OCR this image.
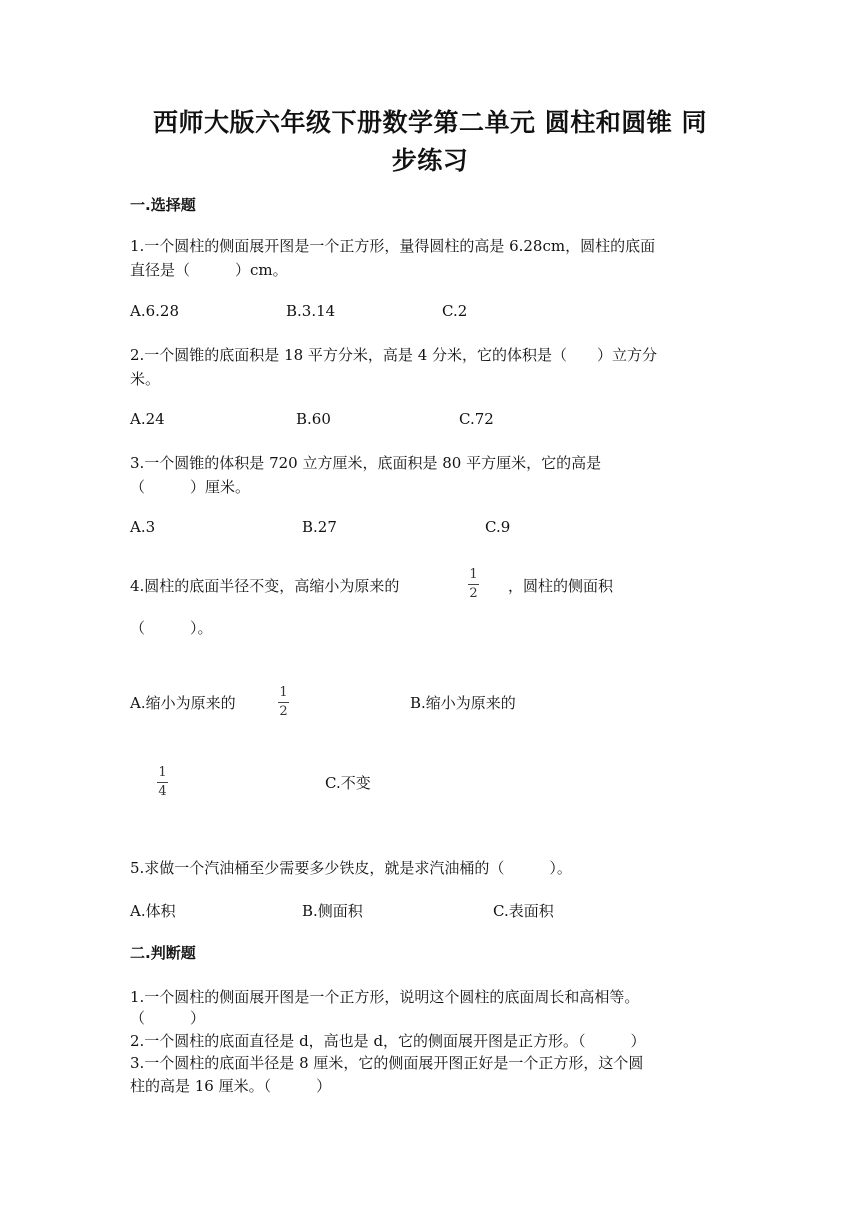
西师大版六年级下册数学第二单元 圆柱和圆锥 同
步练习
一.选择题
1.一个圆柱的侧面展开图是一个正方形，量得圆柱的高是 6.28cm，圆柱的底面
直径是（　　　）cm。
A.6.28	B.3.14	C.2
2.一个圆锥的底面积是 18 平方分米，高是 4 分米，它的体积是（　　）立方分
米。
A.24	B.60	C.72
3.一个圆锥的体积是 720 立方厘米，底面积是 80 平方厘米，它的高是
（　　　）厘米。
A.3	B.27	C.9
4.圆柱的底面半径不变，高缩小为原来的
1
2 ，圆柱的侧面积
（　　　）。
A.缩小为原来的
1
2	B.缩小为原来的
1
4	C.不变
5.求做一个汽油桶至少需要多少铁皮，就是求汽油桶的（　　　）。
A.体积	B.侧面积	C.表面积
二.判断题
1.一个圆柱的侧面展开图是一个正方形，说明这个圆柱的底面周长和高相等。
（　　　）
2.一个圆柱的底面直径是 d，高也是 d，它的侧面展开图是正方形。（　　　）
3.一个圆柱的底面半径是 8 厘米，它的侧面展开图正好是一个正方形，这个圆
柱的高是 16 厘米。（　　　）
